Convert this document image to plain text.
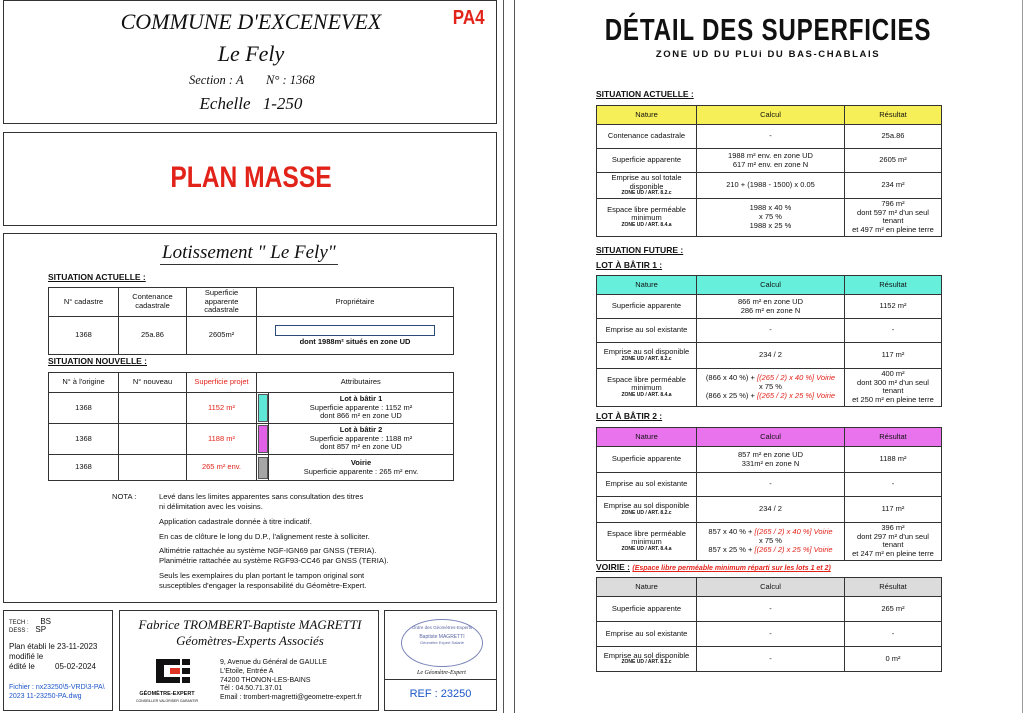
COMMUNE D'EXCENEVEX
Le Fely
Section : A N° : 1368
Echelle 1-250
PA4
PLAN MASSE
Lotissement " Le Fely"
SITUATION ACTUELLE :
N° cadastre	Contenance cadastrale	Superficie apparente cadastrale	Propriétaire
1368	25a.86	2605m²	dont 1988m² situés en zone UD
SITUATION NOUVELLE :
N° à l'origine	N° nouveau	Superficie projet		Attributaires
1368		1152 m²		Lot à bâtir 1
Superficie apparente : 1152 m²
dont 866 m² en zone UD
1368		1188 m²		Lot à bâtir 2
Superficie apparente : 1188 m²
dont 857 m² en zone UD
1368		265 m² env.		Voirie
Superficie apparente : 265 m² env.
NOTA :	Levé dans les limites apparentes sans consultation des titres
ni délimitation avec les voisins.
Application cadastrale donnée à titre indicatif.
En cas de clôture le long du D.P., l'alignement reste à solliciter.
Altimétrie rattachée au système NGF-IGN69 par GNSS (TERIA).
Planimétrie rattachée au système RGF93-CC46 par GNSS (TERIA).
Seuls les exemplaires du plan portant le tampon original sont
susceptibles d'engager la responsabilité du Géomètre-Expert.
TECH : BS
DESS : SP
Plan établi le 23-11-2023
modifié le
édité le	05-02-2024
Fichier : nx23250\5-VRD\3-PA\
2023 11-23250-PA.dwg
Fabrice TROMBERT-Baptiste MAGRETTI
Géomètres-Experts Associés
GÉOMÈTRE-EXPERT
CONSEILLER VALORISER GARANTIR
9, Avenue du Général de GAULLE
L'Etoile, Entrée A
74200 THONON-LES-BAINS
Tél : 04.50.71.37.01
Email : trombert-magretti@geometre-expert.fr
Ordre des Géomètres-Experts
Baptiste MAGRETTI
Géomètre Expert Salarié
Le Géomètre-Expert
REF : 23250
DÉTAIL DES SUPERFICIES
ZONE UD DU PLUi DU BAS-CHABLAIS
SITUATION ACTUELLE :
Nature	Calcul	Résultat
Contenance cadastrale	-	25a.86
Superficie apparente	1988 m² env. en zone UD
617 m² env. en zone N	2605 m²
Emprise au sol totale disponible
ZONE UD / ART. 8.2.c	210 + (1988 - 1500) x 0.05	234 m²
Espace libre perméable minimum
ZONE UD / ART. 8.4.a	1988 x 40 %
x 75 %
1988 x 25 %	796 m²
dont 597 m² d'un seul tenant
et 497 m² en pleine terre
SITUATION FUTURE :
LOT À BÂTIR 1 :
Nature	Calcul	Résultat
Superficie apparente	866 m² en zone UD
286 m² en zone N	1152 m²
Emprise au sol existante	-	-
Emprise au sol disponible
ZONE UD / ART. 8.2.c	234 / 2	117 m²
Espace libre perméable minimum
ZONE UD / ART. 8.4.a	(866 x 40 %) + [(265 / 2) x 40 %] Voirie
x 75 %
(866 x 25 %) + [(265 / 2) x 25 %] Voirie	400 m²
dont 300 m² d'un seul tenant
et 250 m² en pleine terre
LOT À BÂTIR 2 :
Nature	Calcul	Résultat
Superficie apparente	857 m² en zone UD
331m² en zone N	1188 m²
Emprise au sol existante	-	-
Emprise au sol disponible
ZONE UD / ART. 8.2.c	234 / 2	117 m²
Espace libre perméable minimum
ZONE UD / ART. 8.4.a	857 x 40 % + [(265 / 2) x 40 %] Voirie
x 75 %
857 x 25 % + [(265 / 2) x 25 %] Voirie	396 m²
dont 297 m² d'un seul tenant
et 247 m² en pleine terre
VOIRIE : (Espace libre perméable minimum réparti sur les lots 1 et 2)
Nature	Calcul	Résultat
Superficie apparente	-	265 m²
Emprise au sol existante	-	-
Emprise au sol disponible
ZONE UD / ART. 8.2.c	-	0 m²
